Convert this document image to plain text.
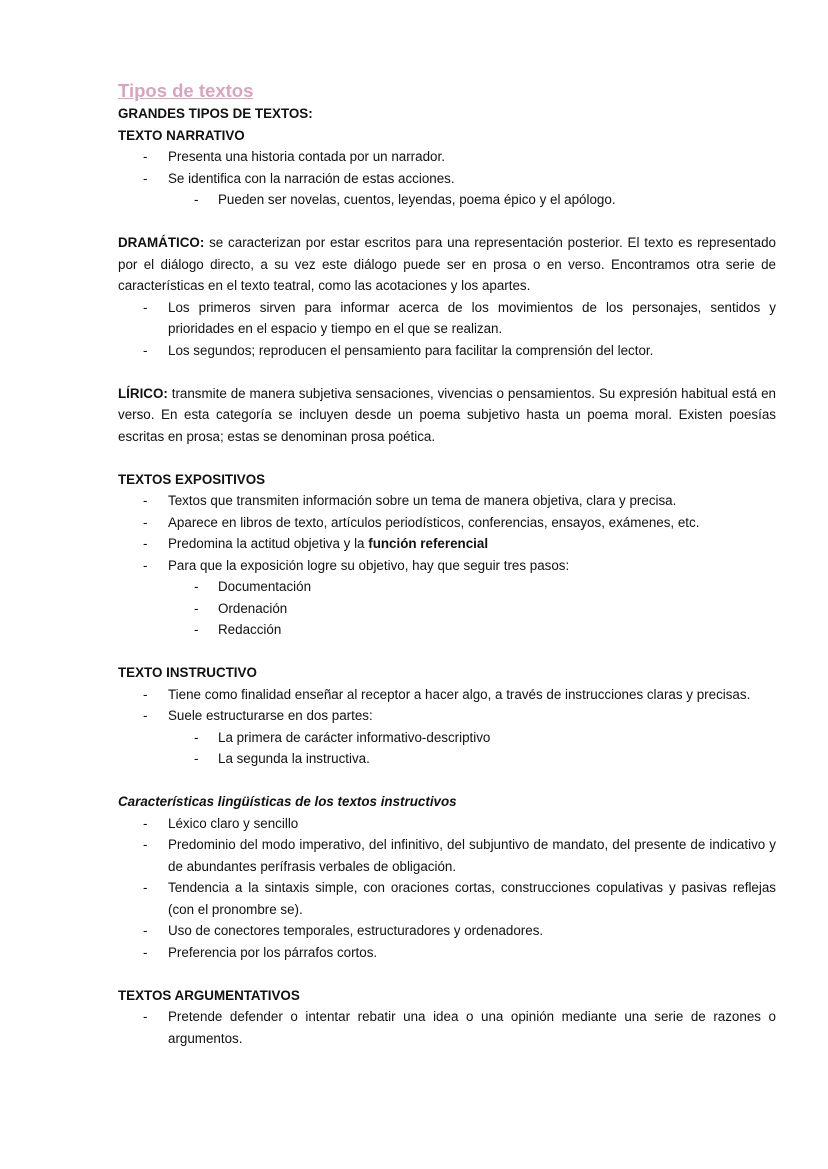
Tipos de textos
GRANDES TIPOS DE TEXTOS:
TEXTO NARRATIVO
- Presenta una historia contada por un narrador.
- Se identifica con la narración de estas acciones.
- Pueden ser novelas, cuentos, leyendas, poema épico y el apólogo.

DRAMÁTICO: se caracterizan por estar escritos para una representación posterior. El texto es representado por el diálogo directo, a su vez este diálogo puede ser en prosa o en verso. Encontramos otra serie de características en el texto teatral, como las acotaciones y los apartes.

- Los primeros sirven para informar acerca de los movimientos de los personajes, sentidos y prioridades en el espacio y tiempo en el que se realizan.
- Los segundos; reproducen el pensamiento para facilitar la comprensión del lector.

LÍRICO: transmite de manera subjetiva sensaciones, vivencias o pensamientos. Su expresión habitual está en verso. En esta categoría se incluyen desde un poema subjetivo hasta un poema moral. Existen poesías escritas en prosa; estas se denominan prosa poética.

TEXTOS EXPOSITIVOS
- Textos que transmiten información sobre un tema de manera objetiva, clara y precisa.
- Aparece en libros de texto, artículos periodísticos, conferencias, ensayos, exámenes, etc.
- Predomina la actitud objetiva y la función referencial
- Para que la exposición logre su objetivo, hay que seguir tres pasos:
- Documentación
- Ordenación
- Redacción
TEXTO INSTRUCTIVO
- Tiene como finalidad enseñar al receptor a hacer algo, a través de instrucciones claras y precisas.
- Suele estructurarse en dos partes:
- La primera de carácter informativo-descriptivo
- La segunda la instructiva.
Características lingüísticas de los textos instructivos
- Léxico claro y sencillo
- Predominio del modo imperativo, del infinitivo, del subjuntivo de mandato, del presente de indicativo y de abundantes perífrasis verbales de obligación.
- Tendencia a la sintaxis simple, con oraciones cortas, construcciones copulativas y pasivas reflejas (con el pronombre se).
- Uso de conectores temporales, estructuradores y ordenadores.
- Preferencia por los párrafos cortos.
TEXTOS ARGUMENTATIVOS
- Pretende defender o intentar rebatir una idea o una opinión mediante una serie de razones o argumentos.
